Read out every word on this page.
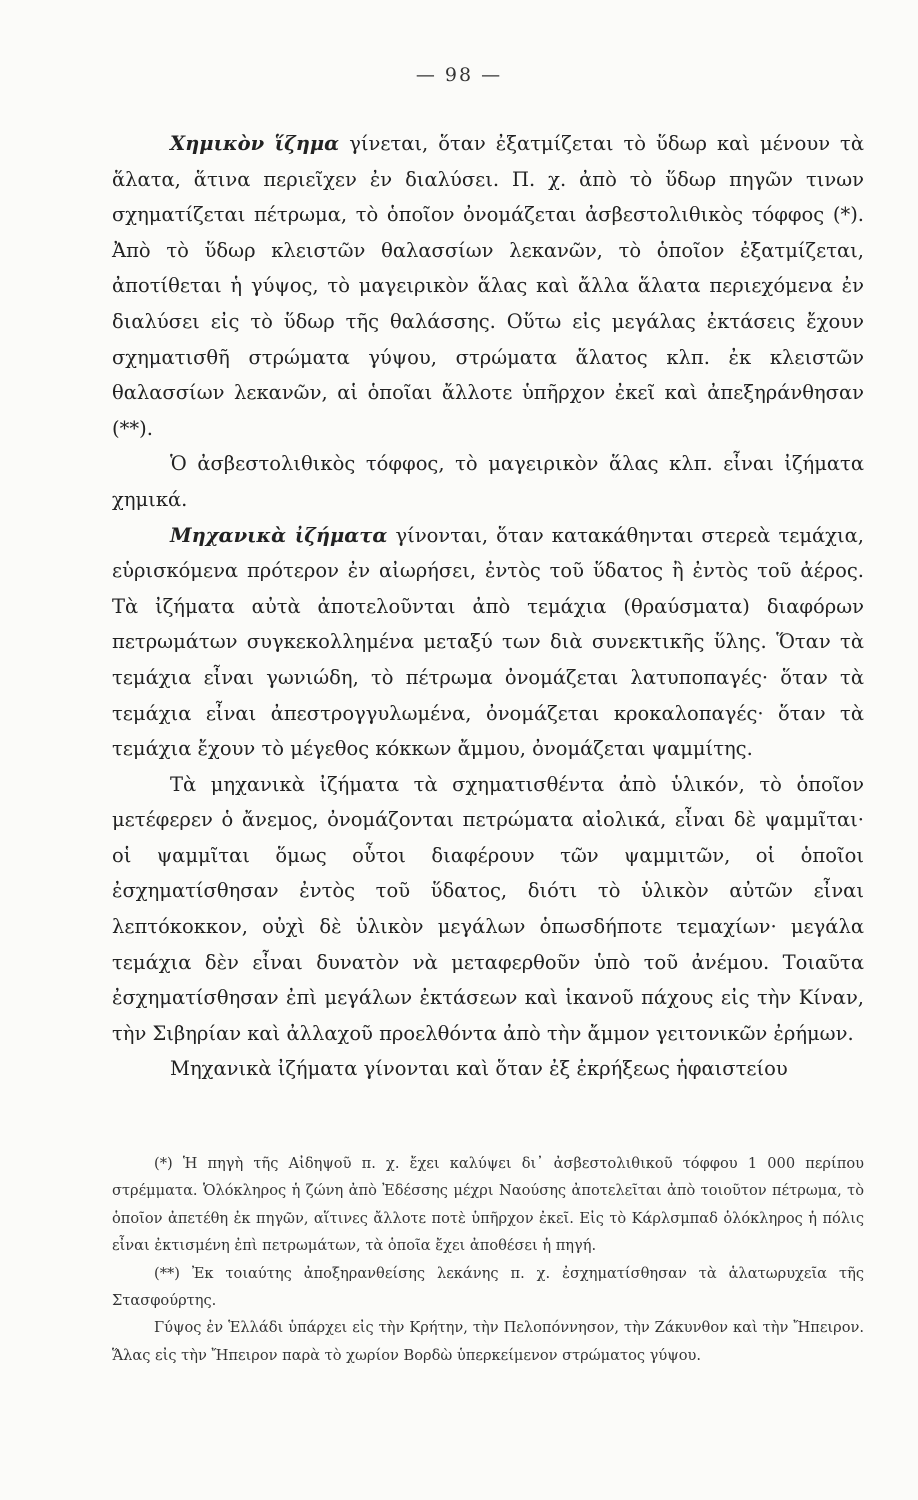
— 98 —

Χημικὸν ἵζημα γίνεται, ὅταν ἐξατμίζεται τὸ ὕδωρ καὶ μένουν τὰ ἅλατα, ἅτινα περιεῖχεν ἐν διαλύσει. Π. χ. ἀπὸ τὸ ὕδωρ πηγῶν τινων σχηματίζεται πέτρωμα, τὸ ὁποῖον ὀνομάζεται ἀσβεστολιθικὸς τόφφος (*). Ἀπὸ τὸ ὕδωρ κλειστῶν θαλασσίων λεκανῶν, τὸ ὁποῖον ἐξατμίζεται, ἀποτίθεται ἡ γύψος, τὸ μαγειρικὸν ἅλας καὶ ἄλλα ἅλατα περιεχόμενα ἐν διαλύσει εἰς τὸ ὕδωρ τῆς θαλάσσης. Οὕτω εἰς μεγάλας ἐκτάσεις ἔχουν σχηματισθῆ στρώματα γύψου, στρώματα ἅλατος κλπ. ἐκ κλειστῶν θαλασσίων λεκανῶν, αἱ ὁποῖαι ἄλλοτε ὑπῆρχον ἐκεῖ καὶ ἀπεξηράνθησαν (**).

Ὁ ἀσβεστολιθικὸς τόφφος, τὸ μαγειρικὸν ἅλας κλπ. εἶναι ἰζήματα χημικά.

Μηχανικὰ ἰζήματα γίνονται, ὅταν κατακάθηνται στερεὰ τεμάχια, εὑρισκόμενα πρότερον ἐν αἰωρήσει, ἐντὸς τοῦ ὕδατος ἢ ἐντὸς τοῦ ἀέρος. Τὰ ἰζήματα αὐτὰ ἀποτελοῦνται ἀπὸ τεμάχια (θραύσματα) διαφόρων πετρωμάτων συγκεκολλημένα μεταξύ των διὰ συνεκτικῆς ὕλης. Ὅταν τὰ τεμάχια εἶναι γωνιώδη, τὸ πέτρωμα ὀνομάζεται λατυποπαγές· ὅταν τὰ τεμάχια εἶναι ἀπεστρογγυλωμένα, ὀνομάζεται κροκαλοπαγές· ὅταν τὰ τεμάχια ἔχουν τὸ μέγεθος κόκκων ἄμμου, ὀνομάζεται ψαμμίτης.

Τὰ μηχανικὰ ἰζήματα τὰ σχηματισθέντα ἀπὸ ὑλικόν, τὸ ὁποῖον μετέφερεν ὁ ἄνεμος, ὀνομάζονται πετρώματα αἰολικά, εἶναι δὲ ψαμμῖται· οἱ ψαμμῖται ὅμως οὗτοι διαφέρουν τῶν ψαμμιτῶν, οἱ ὁποῖοι ἐσχηματίσθησαν ἐντὸς τοῦ ὕδατος, διότι τὸ ὑλικὸν αὐτῶν εἶναι λεπτόκοκκον, οὐχὶ δὲ ὑλικὸν μεγάλων ὁπωσδήποτε τεμαχίων· μεγάλα τεμάχια δὲν εἶναι δυνατὸν νὰ μεταφερθοῦν ὑπὸ τοῦ ἀνέμου. Τοιαῦτα ἐσχηματίσθησαν ἐπὶ μεγάλων ἐκτάσεων καὶ ἱκανοῦ πάχους εἰς τὴν Κίναν, τὴν Σιβηρίαν καὶ ἀλλαχοῦ προελθόντα ἀπὸ τὴν ἄμμον γειτονικῶν ἐρήμων.

Μηχανικὰ ἰζήματα γίνονται καὶ ὅταν ἐξ ἐκρήξεως ἡφαιστείου

(*) Ἡ πηγὴ τῆς Αἰδηψοῦ π. χ. ἔχει καλύψει δι᾽ ἀσβεστολιθικοῦ τόφφου 1 000 περίπου στρέμματα. Ὁλόκληρος ἡ ζώνη ἀπὸ Ἐδέσσης μέχρι Ναούσης ἀποτελεῖται ἀπὸ τοιοῦτον πέτρωμα, τὸ ὁποῖον ἀπετέθη ἐκ πηγῶν, αἵτινες ἄλλοτε ποτὲ ὑπῆρχον ἐκεῖ. Εἰς τὸ Κάρλσμπαδ ὁλόκληρος ἡ πόλις εἶναι ἐκτισμένη ἐπὶ πετρωμάτων, τὰ ὁποῖα ἔχει ἀποθέσει ἡ πηγή.

(**) Ἐκ τοιαύτης ἀποξηρανθείσης λεκάνης π. χ. ἐσχηματίσθησαν τὰ ἁλατωρυχεῖα τῆς Στασφούρτης.

Γύψος ἐν Ἑλλάδι ὑπάρχει εἰς τὴν Κρήτην, τὴν Πελοπόννησον, τὴν Ζάκυνθον καὶ τὴν Ἤπειρον. Ἅλας εἰς τὴν Ἤπειρον παρὰ τὸ χωρίον Βορδὼ ὑπερκείμενον στρώματος γύψου.
